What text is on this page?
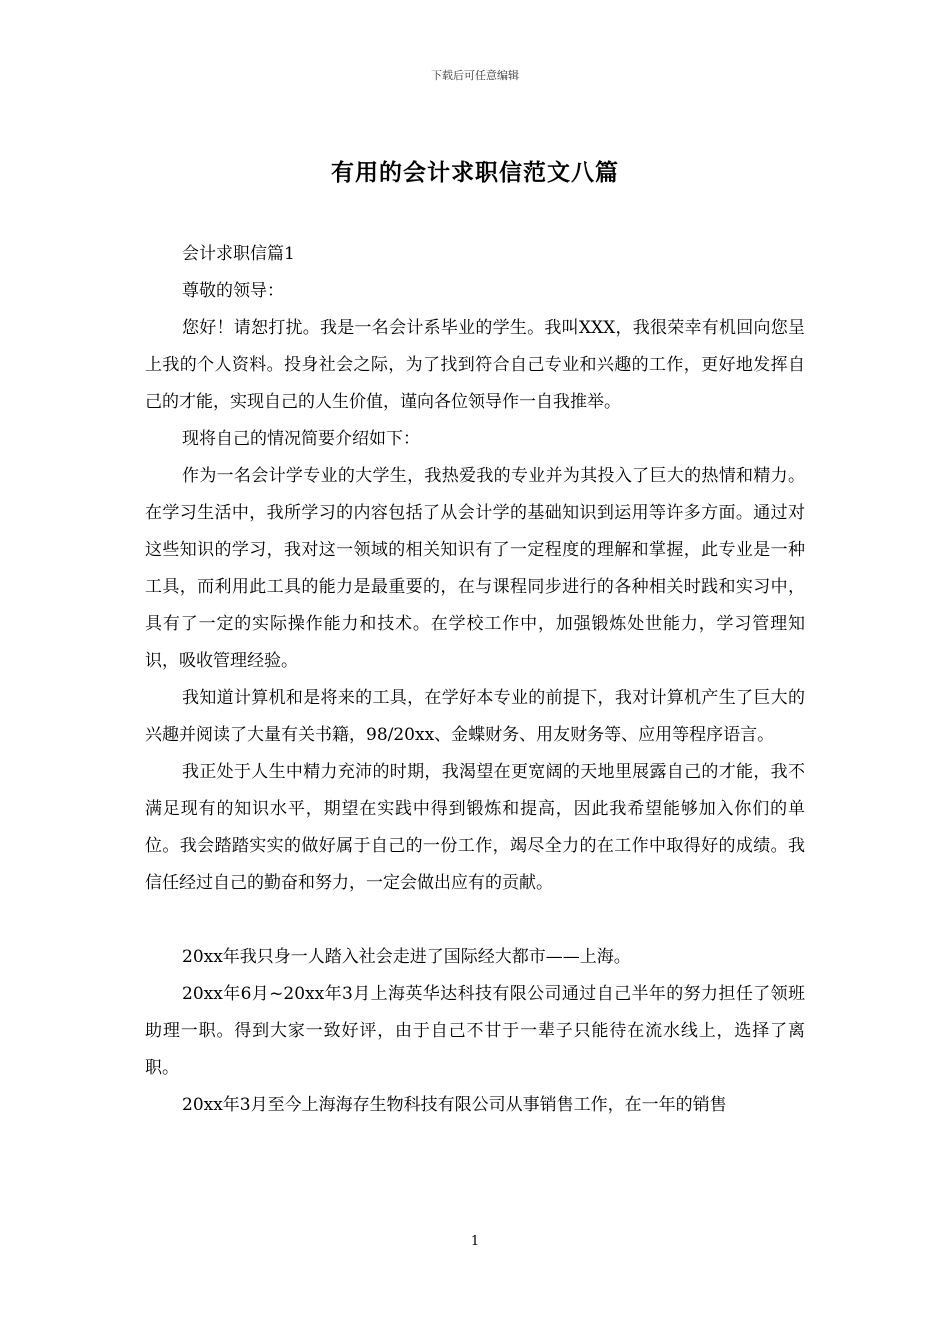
下载后可任意编辑
有用的会计求职信范文八篇

会计求职信篇1

尊敬的领导：

您好！请恕打扰。我是一名会计系毕业的学生。我叫XXX，我很荣幸有机回向您呈上我的个人资料。投身社会之际，为了找到符合自己专业和兴趣的工作，更好地发挥自己的才能，实现自己的人生价值，谨向各位领导作一自我推举。

现将自己的情况简要介绍如下：

作为一名会计学专业的大学生，我热爱我的专业并为其投入了巨大的热情和精力。在学习生活中，我所学习的内容包括了从会计学的基础知识到运用等许多方面。通过对这些知识的学习，我对这一领域的相关知识有了一定程度的理解和掌握，此专业是一种工具，而利用此工具的能力是最重要的，在与课程同步进行的各种相关时践和实习中，具有了一定的实际操作能力和技术。在学校工作中，加强锻炼处世能力，学习管理知识，吸收管理经验。

我知道计算机和是将来的工具，在学好本专业的前提下，我对计算机产生了巨大的兴趣并阅读了大量有关书籍，98/20xx、金蝶财务、用友财务等、应用等程序语言。

我正处于人生中精力充沛的时期，我渴望在更宽阔的天地里展露自己的才能，我不满足现有的知识水平，期望在实践中得到锻炼和提高，因此我希望能够加入你们的单位。我会踏踏实实的做好属于自己的一份工作，竭尽全力的在工作中取得好的成绩。我信任经过自己的勤奋和努力，一定会做出应有的贡献。

20xx年我只身一人踏入社会走进了国际经大都市——上海。

20xx年6月~20xx年3月上海英华达科技有限公司通过自己半年的努力担任了领班助理一职。得到大家一致好评，由于自己不甘于一辈子只能待在流水线上，选择了离职。

20xx年3月至今上海海存生物科技有限公司从事销售工作，在一年的销售

1
